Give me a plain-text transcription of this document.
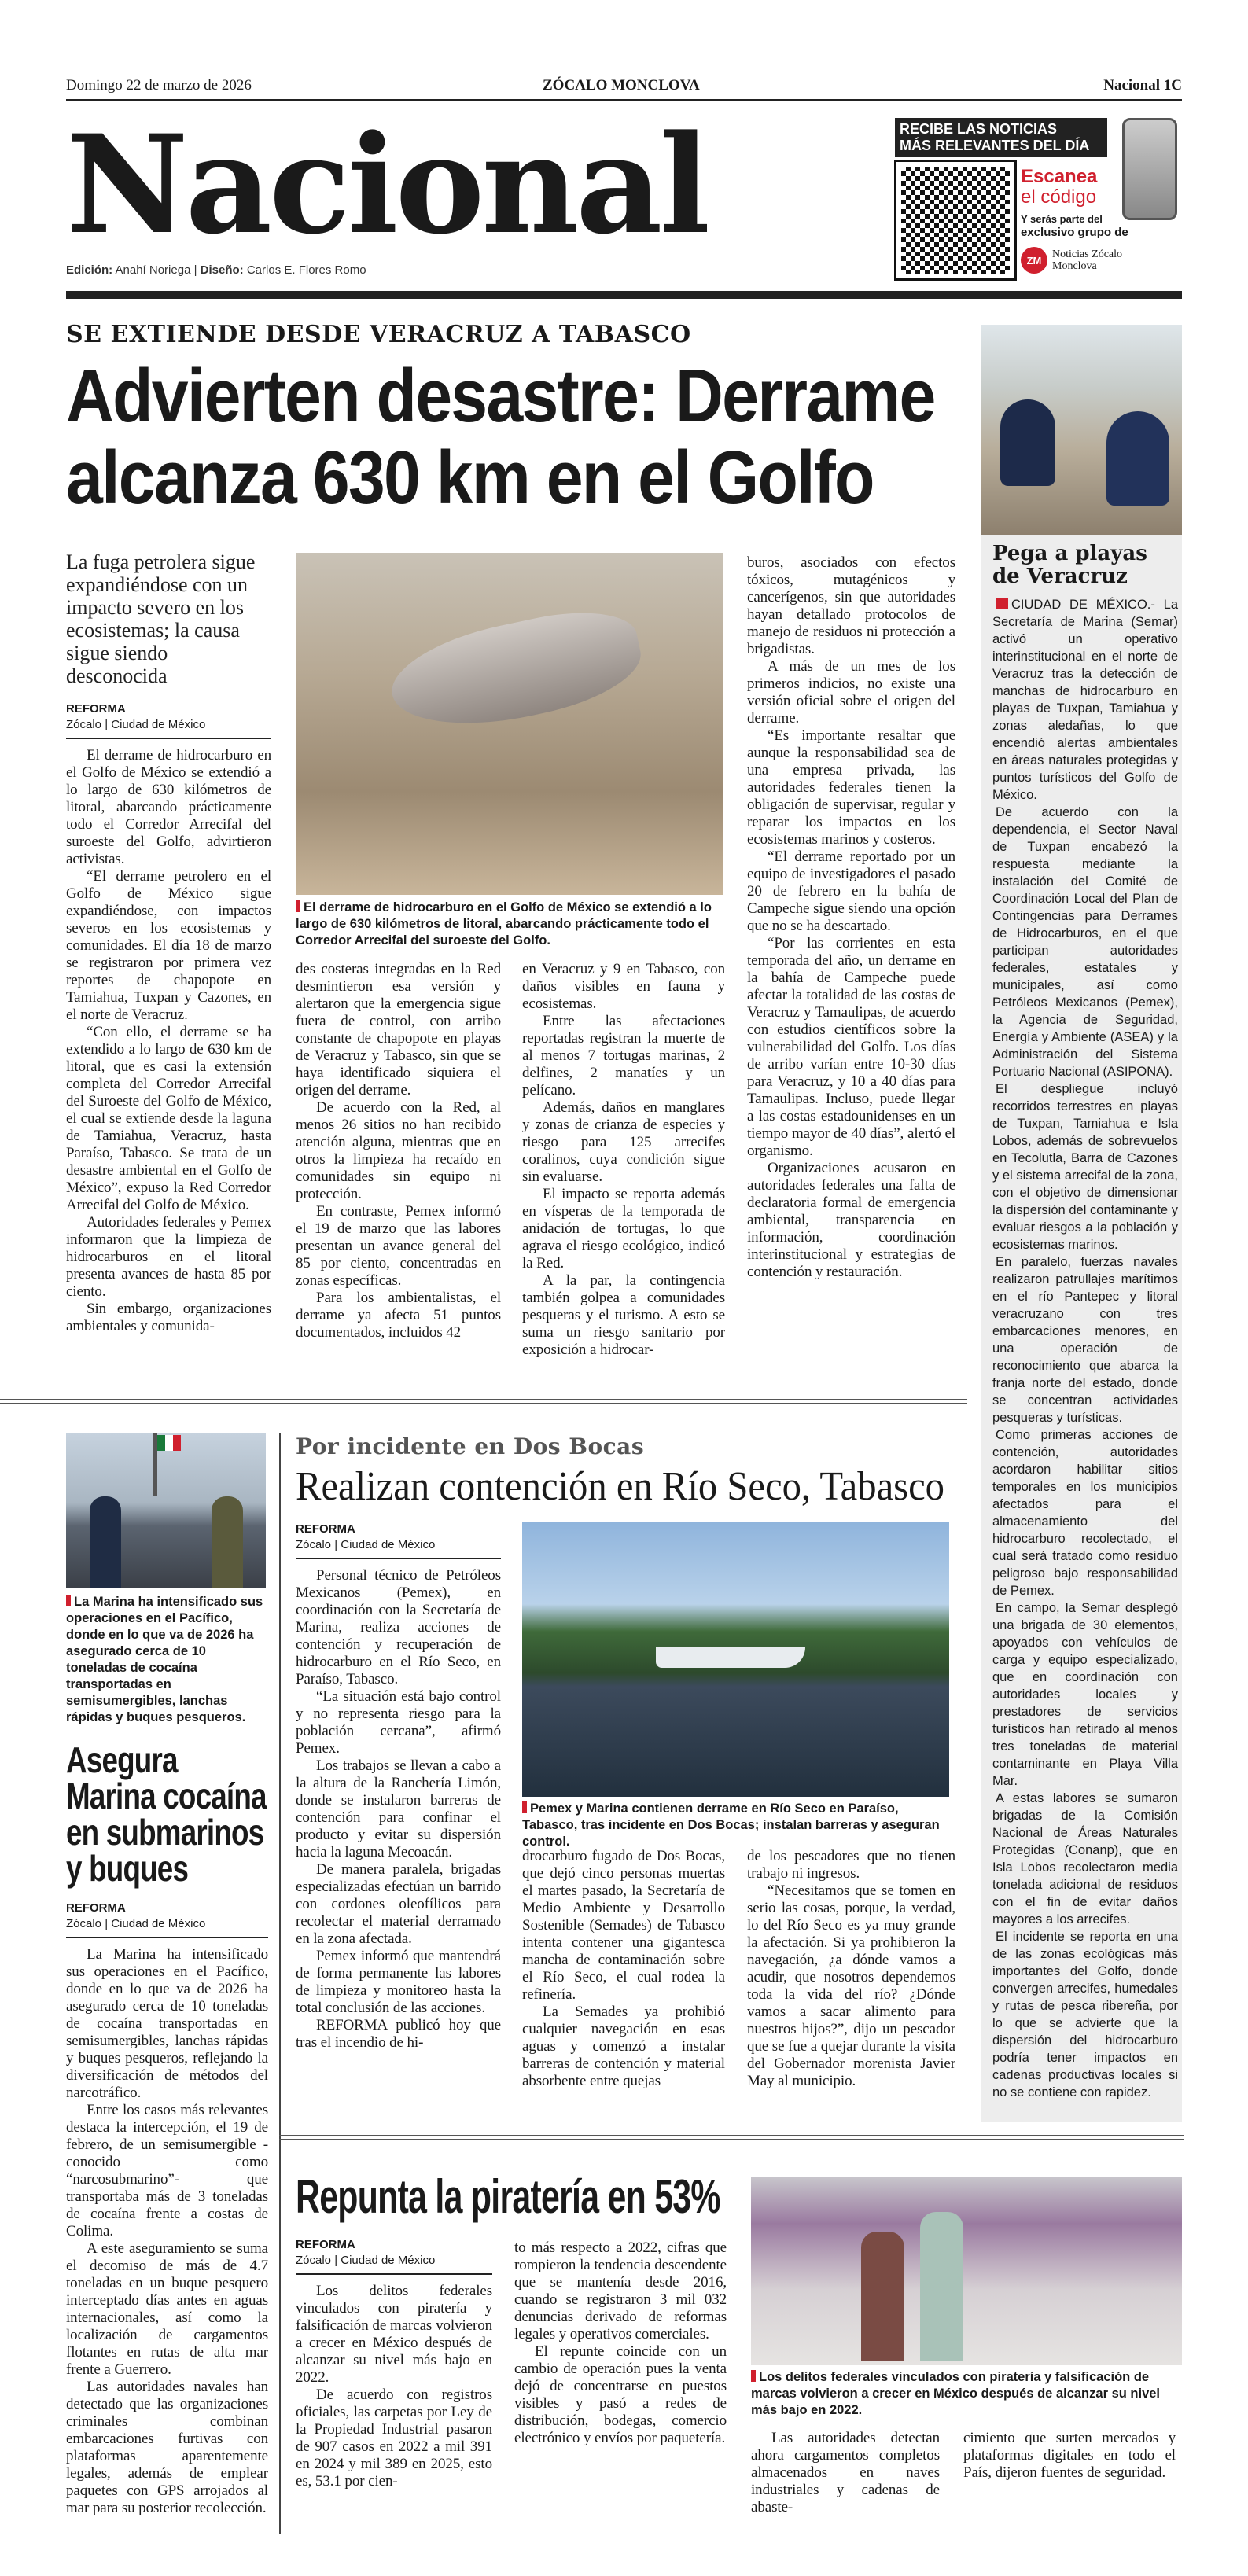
Domingo 22 de marzo de 2026	ZÓCALO MONCLOVA	Nacional 1C
Nacional
Edición: Anahí Noriega | Diseño: Carlos E. Flores Romo
RECIBE LAS NOTICIAS
MÁS RELEVANTES DEL DÍA
Escanea
el código
Y serás parte del
exclusivo grupo de
ZM Noticias Zócalo Monclova
SE EXTIENDE DESDE VERACRUZ A TABASCO
Advierten desastre: Derrame
alcanza 630 km en el Golfo
La fuga petrolera sigue expandiéndose con un impacto severo en los ecosistemas; la causa sigue siendo desconocida
REFORMA
Zócalo | Ciudad de México

El derrame de hidrocarburo en el Golfo de México se extendió a lo largo de 630 kilómetros de litoral, abarcando prácticamente todo el Corredor Arrecifal del suroeste del Golfo, advirtieron activistas.

“El derrame petrolero en el Golfo de México sigue expandiéndose, con impactos severos en los ecosistemas y comunidades. El día 18 de marzo se registraron por primera vez reportes de chapopote en Tamiahua, Tuxpan y Cazones, en el norte de Veracruz.

“Con ello, el derrame se ha extendido a lo largo de 630 km de litoral, que es casi la extensión completa del Corredor Arrecifal del Suroeste del Golfo de México, el cual se extiende desde la laguna de Tamiahua, Veracruz, hasta Paraíso, Tabasco. Se trata de un desastre ambiental en el Golfo de México”, expuso la Red Corredor Arrecifal del Golfo de México.

Autoridades federales y Pemex informaron que la limpieza de hidrocarburos en el litoral presenta avances de hasta 85 por ciento.

Sin embargo, organizaciones ambientales y comunida-

El derrame de hidrocarburo en el Golfo de México se extendió a lo largo de 630 kilómetros de litoral, abarcando prácticamente todo el Corredor Arrecifal del suroeste del Golfo.

des costeras integradas en la Red desmintieron esa versión y alertaron que la emergencia sigue fuera de control, con arribo constante de chapopote en playas de Veracruz y Tabasco, sin que se haya identificado siquiera el origen del derrame.

De acuerdo con la Red, al menos 26 sitios no han recibido atención alguna, mientras que en otros la limpieza ha recaído en comunidades sin equipo ni protección.

En contraste, Pemex informó el 19 de marzo que las labores presentan un avance general del 85 por ciento, concentradas en zonas específicas.

Para los ambientalistas, el derrame ya afecta 51 puntos documentados, incluidos 42

en Veracruz y 9 en Tabasco, con daños visibles en fauna y ecosistemas.

Entre las afectaciones reportadas registran la muerte de al menos 7 tortugas marinas, 2 delfines, 2 manatíes y un pelícano.

Además, daños en manglares y zonas de crianza de especies y riesgo para 125 arrecifes coralinos, cuya condición sigue sin evaluarse.

El impacto se reporta además en vísperas de la temporada de anidación de tortugas, lo que agrava el riesgo ecológico, indicó la Red.

A la par, la contingencia también golpea a comunidades pesqueras y el turismo. A esto se suma un riesgo sanitario por exposición a hidrocar-

buros, asociados con efectos tóxicos, mutagénicos y cancerígenos, sin que autoridades hayan detallado protocolos de manejo de residuos ni protección a brigadistas.

A más de un mes de los primeros indicios, no existe una versión oficial sobre el origen del derrame.

“Es importante resaltar que aunque la responsabilidad sea de una empresa privada, las autoridades federales tienen la obligación de supervisar, regular y reparar los impactos en los ecosistemas marinos y costeros.

“El derrame reportado por un equipo de investigadores el pasado 20 de febrero en la bahía de Campeche sigue siendo una opción que no se ha descartado.

“Por las corrientes en esta temporada del año, un derrame en la bahía de Campeche puede afectar la totalidad de las costas de Veracruz y Tamaulipas, de acuerdo con estudios científicos sobre la vulnerabilidad del Golfo. Los días de arribo varían entre 10-30 días para Veracruz, y 10 a 40 días para Tamaulipas. Incluso, puede llegar a las costas estadounidenses en un tiempo mayor de 40 días”, alertó el organismo.

Organizaciones acusaron en autoridades federales una falta de declaratoria formal de emergencia ambiental, transparencia en información, coordinación interinstitucional y estrategias de contención y restauración.

Pega a playas de Veracruz

CIUDAD DE MÉXICO.- La Secretaría de Marina (Semar) activó un operativo interinstitucional en el norte de Veracruz tras la detección de manchas de hidrocarburo en playas de Tuxpan, Tamiahua y zonas aledañas, lo que encendió alertas ambientales en áreas naturales protegidas y puntos turísticos del Golfo de México.

De acuerdo con la dependencia, el Sector Naval de Tuxpan encabezó la respuesta mediante la instalación del Comité de Coordinación Local del Plan de Contingencias para Derrames de Hidrocarburos, en el que participan autoridades federales, estatales y municipales, así como Petróleos Mexicanos (Pemex), la Agencia de Seguridad, Energía y Ambiente (ASEA) y la Administración del Sistema Portuario Nacional (ASIPONA).

El despliegue incluyó recorridos terrestres en playas de Tuxpan, Tamiahua e Isla Lobos, además de sobrevuelos en Tecolutla, Barra de Cazones y el sistema arrecifal de la zona, con el objetivo de dimensionar la dispersión del contaminante y evaluar riesgos a la población y ecosistemas marinos.

En paralelo, fuerzas navales realizaron patrullajes marítimos en el río Pantepec y litoral veracruzano con tres embarcaciones menores, en una operación de reconocimiento que abarca la franja norte del estado, donde se concentran actividades pesqueras y turísticas.

Como primeras acciones de contención, autoridades acordaron habilitar sitios temporales en los municipios afectados para el almacenamiento del hidrocarburo recolectado, el cual será tratado como residuo peligroso bajo responsabilidad de Pemex.

En campo, la Semar desplegó una brigada de 30 elementos, apoyados con vehículos de carga y equipo especializado, que en coordinación con autoridades locales y prestadores de servicios turísticos han retirado al menos tres toneladas de material contaminante en Playa Villa Mar.

A estas labores se sumaron brigadas de la Comisión Nacional de Áreas Naturales Protegidas (Conanp), que en Isla Lobos recolectaron media tonelada adicional de residuos con el fin de evitar daños mayores a los arrecifes.

El incidente se reporta en una de las zonas ecológicas más importantes del Golfo, donde convergen arrecifes, humedales y rutas de pesca ribereña, por lo que se advierte que la dispersión del hidrocarburo podría tener impactos en cadenas productivas locales si no se contiene con rapidez.

La Marina ha intensificado sus operaciones en el Pacífico, donde en lo que va de 2026 ha asegurado cerca de 10 toneladas de cocaína transportadas en semisumergibles, lanchas rápidas y buques pesqueros.
Asegura Marina cocaína en submarinos y buques
REFORMA
Zócalo | Ciudad de México

La Marina ha intensificado sus operaciones en el Pacífico, donde en lo que va de 2026 ha asegurado cerca de 10 toneladas de cocaína transportadas en semisumergibles, lanchas rápidas y buques pesqueros, reflejando la diversificación de métodos del narcotráfico.

Entre los casos más relevantes destaca la intercepción, el 19 de febrero, de un semisumergible -conocido como “narcosubmarino”- que transportaba más de 3 toneladas de cocaína frente a costas de Colima.

A este aseguramiento se suma el decomiso de más de 4.7 toneladas en un buque pesquero interceptado días antes en aguas internacionales, así como la localización de cargamentos flotantes en rutas de alta mar frente a Guerrero.

Las autoridades navales han detectado que las organizaciones criminales combinan embarcaciones furtivas con plataformas aparentemente legales, además de emplear paquetes con GPS arrojados al mar para su posterior recolección.

Por incidente en Dos Bocas
Realizan contención en Río Seco, Tabasco
REFORMA
Zócalo | Ciudad de México

Personal técnico de Petróleos Mexicanos (Pemex), en coordinación con la Secretaría de Marina, realiza acciones de contención y recuperación de hidrocarburo en el Río Seco, en Paraíso, Tabasco.

“La situación está bajo control y no representa riesgo para la población cercana”, afirmó Pemex.

Los trabajos se llevan a cabo a la altura de la Ranchería Limón, donde se instalaron barreras de contención para confinar el producto y evitar su dispersión hacia la laguna Mecoacán.

De manera paralela, brigadas especializadas efectúan un barrido con cordones oleofílicos para recolectar el material derramado en la zona afectada.

Pemex informó que mantendrá de forma permanente las labores de limpieza y monitoreo hasta la total conclusión de las acciones.

REFORMA publicó hoy que tras el incendio de hi-

Pemex y Marina contienen derrame en Río Seco en Paraíso, Tabasco, tras incidente en Dos Bocas; instalan barreras y aseguran control.

drocarburo fugado de Dos Bocas, que dejó cinco personas muertas el martes pasado, la Secretaría de Medio Ambiente y Desarrollo Sostenible (Semades) de Tabasco intenta contener una gigantesca mancha de contaminación sobre el Río Seco, el cual rodea la refinería.

La Semades ya prohibió cualquier navegación en esas aguas y comenzó a instalar barreras de contención y material absorbente entre quejas

de los pescadores que no tienen trabajo ni ingresos.

“Necesitamos que se tomen en serio las cosas, porque, la verdad, lo del Río Seco es ya muy grande la afectación. Si ya prohibieron la navegación, ¿a dónde vamos a acudir, que nosotros dependemos toda la vida del río? ¿Dónde vamos a sacar alimento para nuestros hijos?”, dijo un pescador que se fue a quejar durante la visita del Gobernador morenista Javier May al municipio.

Repunta la piratería en 53%
REFORMA
Zócalo | Ciudad de México

Los delitos federales vinculados con piratería y falsificación de marcas volvieron a crecer en México después de alcanzar su nivel más bajo en 2022.

De acuerdo con registros oficiales, las carpetas por Ley de la Propiedad Industrial pasaron de 907 casos en 2022 a mil 391 en 2024 y mil 389 en 2025, esto es, 53.1 por cien-

to más respecto a 2022, cifras que rompieron la tendencia descendente que se mantenía desde 2016, cuando se registraron 3 mil 032 denuncias derivado de reformas legales y operativos comerciales.

El repunte coincide con un cambio de operación pues la venta dejó de concentrarse en puestos visibles y pasó a redes de distribución, bodegas, comercio electrónico y envíos por paquetería.

Los delitos federales vinculados con piratería y falsificación de marcas volvieron a crecer en México después de alcanzar su nivel más bajo en 2022.

Las autoridades detectan ahora cargamentos completos almacenados en naves industriales y cadenas de abaste-

cimiento que surten mercados y plataformas digitales en todo el País, dijeron fuentes de seguridad.
